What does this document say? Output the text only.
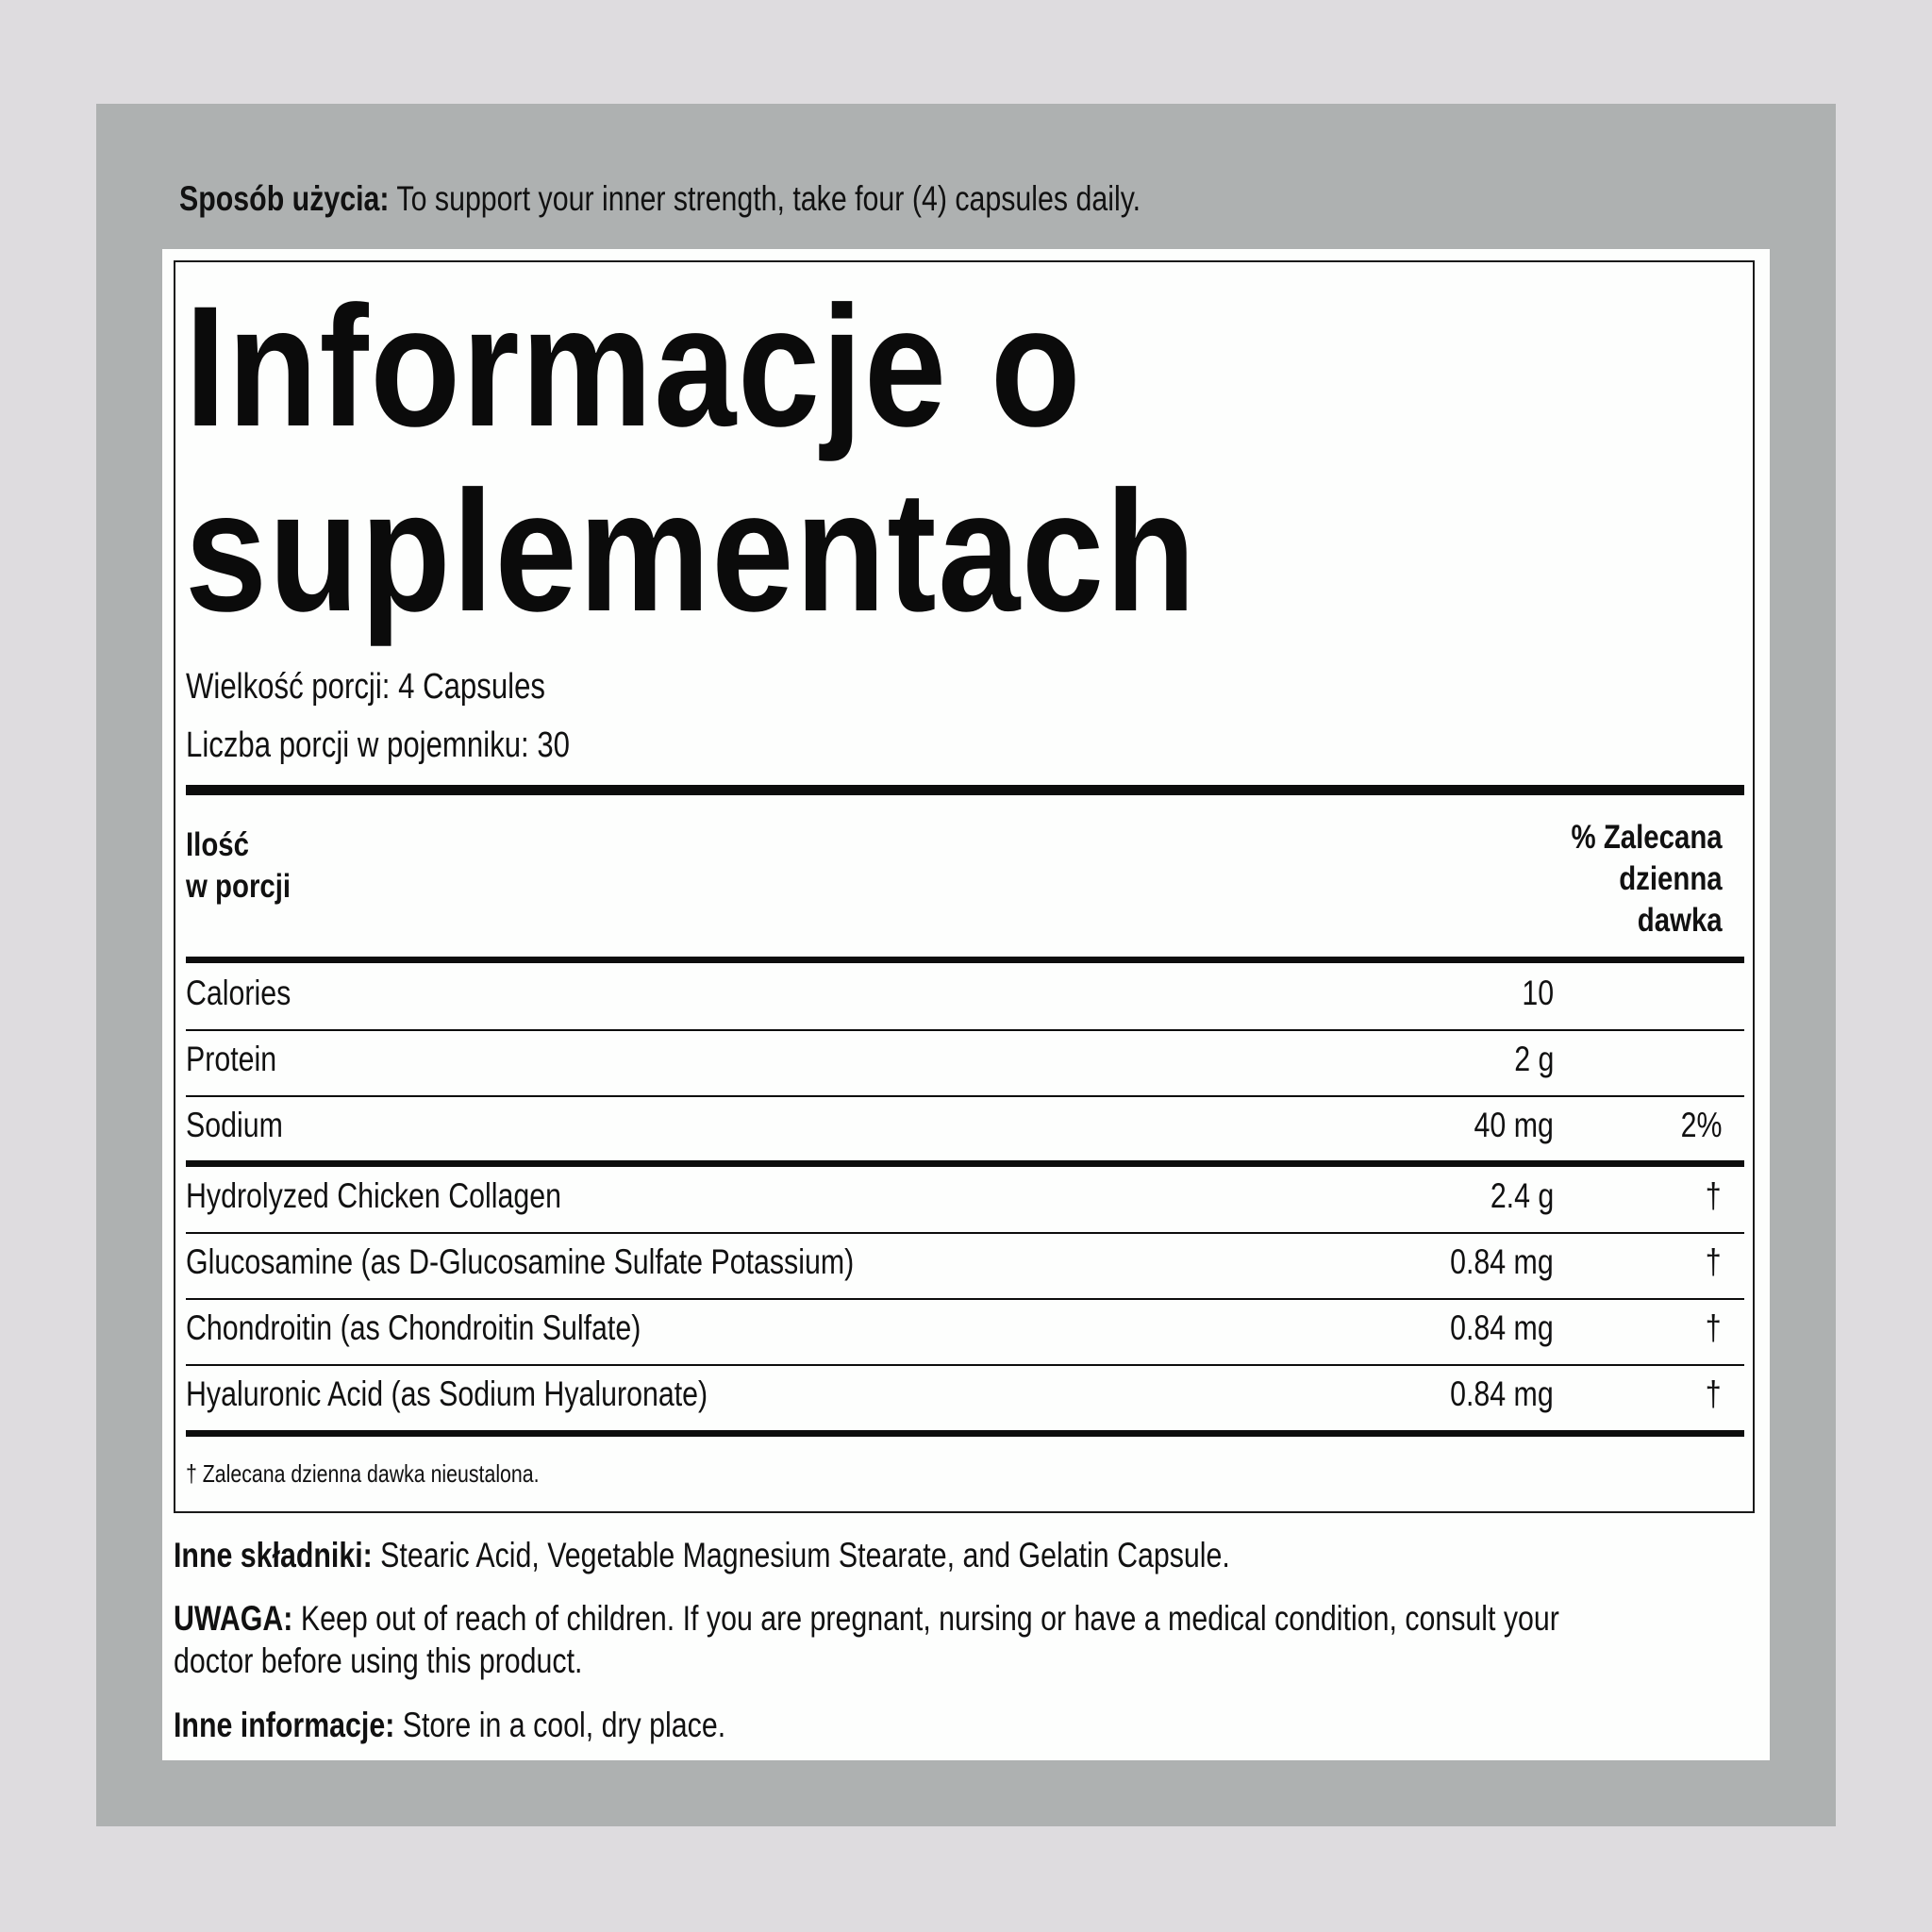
Sposób użycia: To support your inner strength, take four (4) capsules daily.
Informacje o
suplementach
Wielkość porcji: 4 Capsules
Liczba porcji w pojemniku: 30
Ilość
w porcji
% Zalecana
dzienna
dawka
Calories	10
Protein	2 g
Sodium	40 mg	2%
Hydrolyzed Chicken Collagen	2.4 g	†
Glucosamine (as D-Glucosamine Sulfate Potassium)	0.84 mg	†
Chondroitin (as Chondroitin Sulfate)	0.84 mg	†
Hyaluronic Acid (as Sodium Hyaluronate)	0.84 mg	†
† Zalecana dzienna dawka nieustalona.
Inne składniki: Stearic Acid, Vegetable Magnesium Stearate, and Gelatin Capsule.
UWAGA: Keep out of reach of children. If you are pregnant, nursing or have a medical condition, consult your doctor before using this product.
Inne informacje: Store in a cool, dry place.
